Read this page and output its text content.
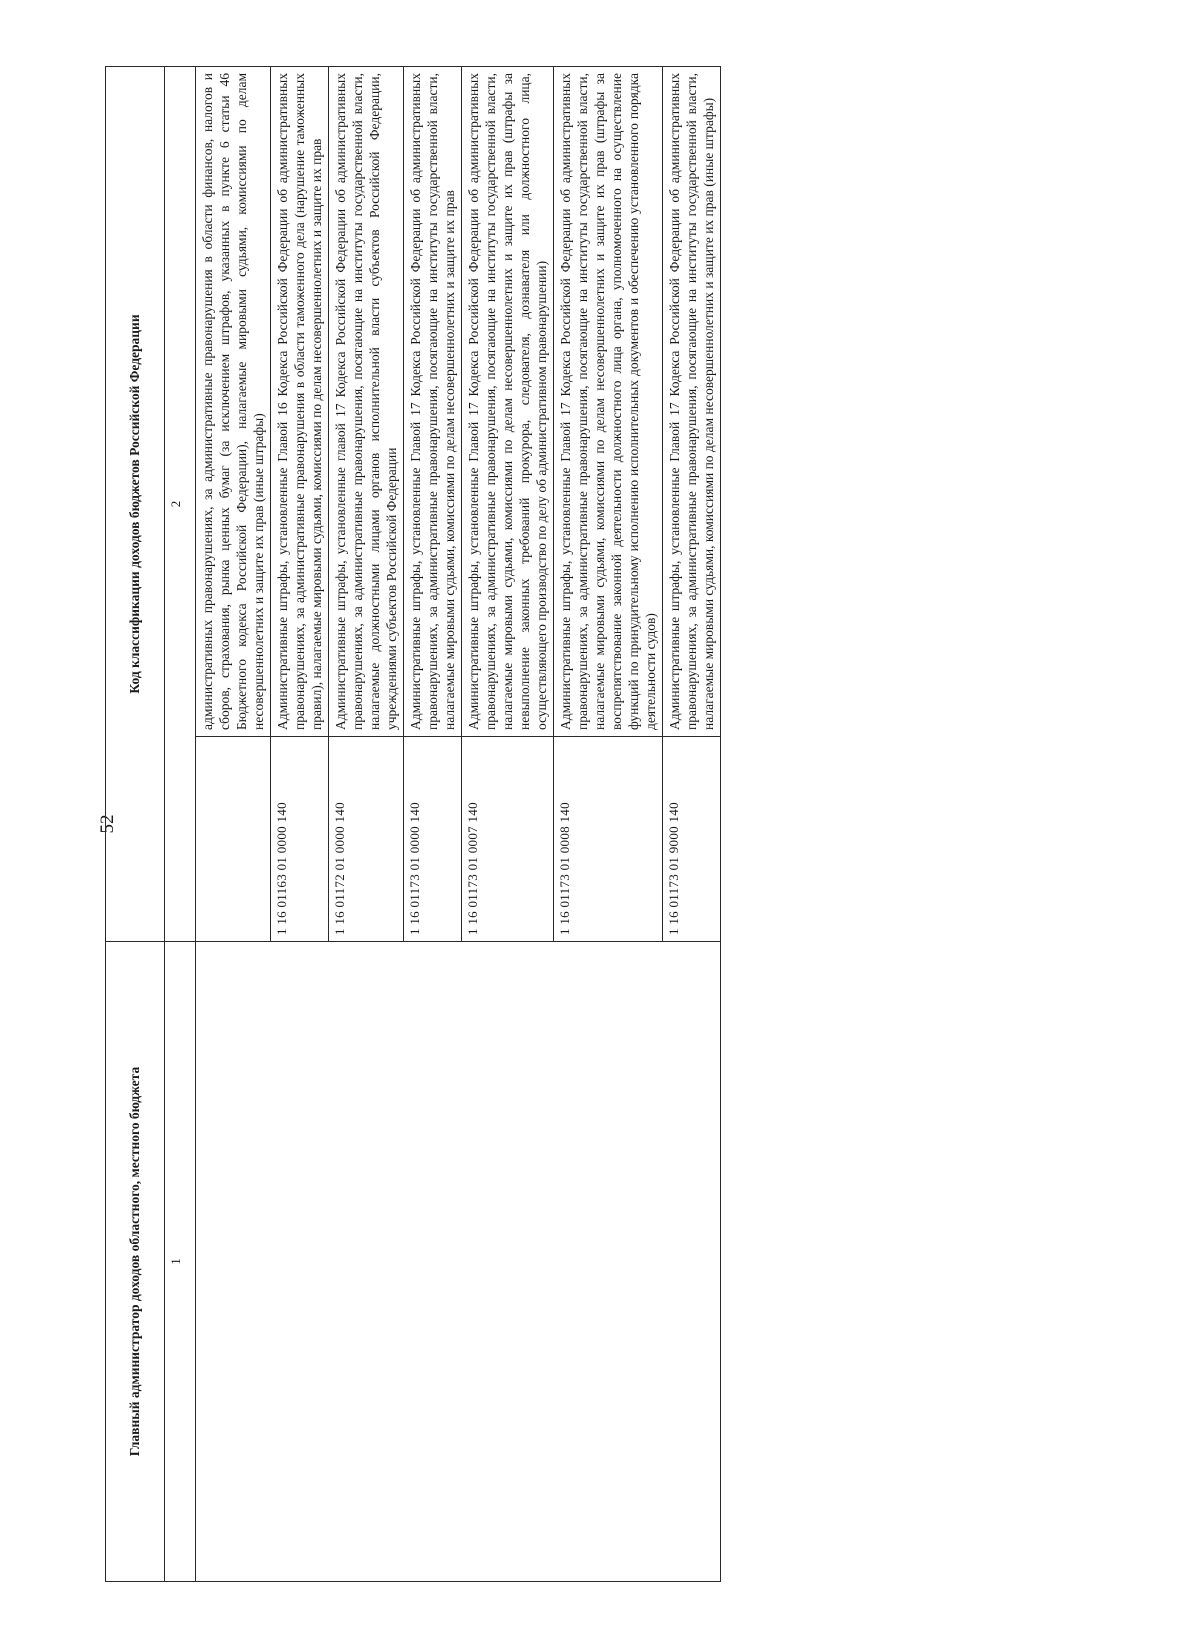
52
Главный администратор доходов областного, местного бюджета	Код классификации доходов бюджетов Российской Федерации	
1	2	
		административных правонарушениях, за административные правонарушения в области финансов, налогов и сборов, страхования, рынка ценных бумаг (за исключением штрафов, указанных в пункте 6 статьи 46 Бюджетного кодекса Российской Федерации), налагаемые мировыми судьями, комиссиями по делам несовершеннолетних и защите их прав (иные штрафы)
	1 16 01163 01 0000 140	Административные штрафы, установленные Главой 16 Кодекса Российской Федерации об административных правонарушениях, за административные правонарушения в области таможенного дела (нарушение таможенных правил), налагаемые мировыми судьями, комиссиями по делам несовершеннолетних и защите их прав
	1 16 01172 01 0000 140	Административные штрафы, установленные главой 17 Кодекса Российской Федерации об административных правонарушениях, за административные правонарушения, посягающие на институты государственной власти, налагаемые должностными лицами органов исполнительной власти субъектов Российской Федерации, учреждениями субъектов Российской Федерации
	1 16 01173 01 0000 140	Административные штрафы, установленные Главой 17 Кодекса Российской Федерации об административных правонарушениях, за административные правонарушения, посягающие на институты государственной власти, налагаемые мировыми судьями, комиссиями по делам несовершеннолетних и защите их прав
	1 16 01173 01 0007 140	Административные штрафы, установленные Главой 17 Кодекса Российской Федерации об административных правонарушениях, за административные правонарушения, посягающие на институты государственной власти, налагаемые мировыми судьями, комиссиями по делам несовершеннолетних и защите их прав (штрафы за невыполнение законных требований прокурора, следователя, дознавателя или должностного лица, осуществляющего производство по делу об административном правонарушении)
	1 16 01173 01 0008 140	Административные штрафы, установленные Главой 17 Кодекса Российской Федерации об административных правонарушениях, за административные правонарушения, посягающие на институты государственной власти, налагаемые мировыми судьями, комиссиями по делам несовершеннолетних и защите их прав (штрафы за воспрепятствование законной деятельности должностного лица органа, уполномоченного на осуществление функций по принудительному исполнению исполнительных документов и обеспечению установленного порядка деятельности судов)
	1 16 01173 01 9000 140	Административные штрафы, установленные Главой 17 Кодекса Российской Федерации об административных правонарушениях, за административные правонарушения, посягающие на институты государственной власти, налагаемые мировыми судьями, комиссиями по делам несовершеннолетних и защите их прав (иные штрафы)
